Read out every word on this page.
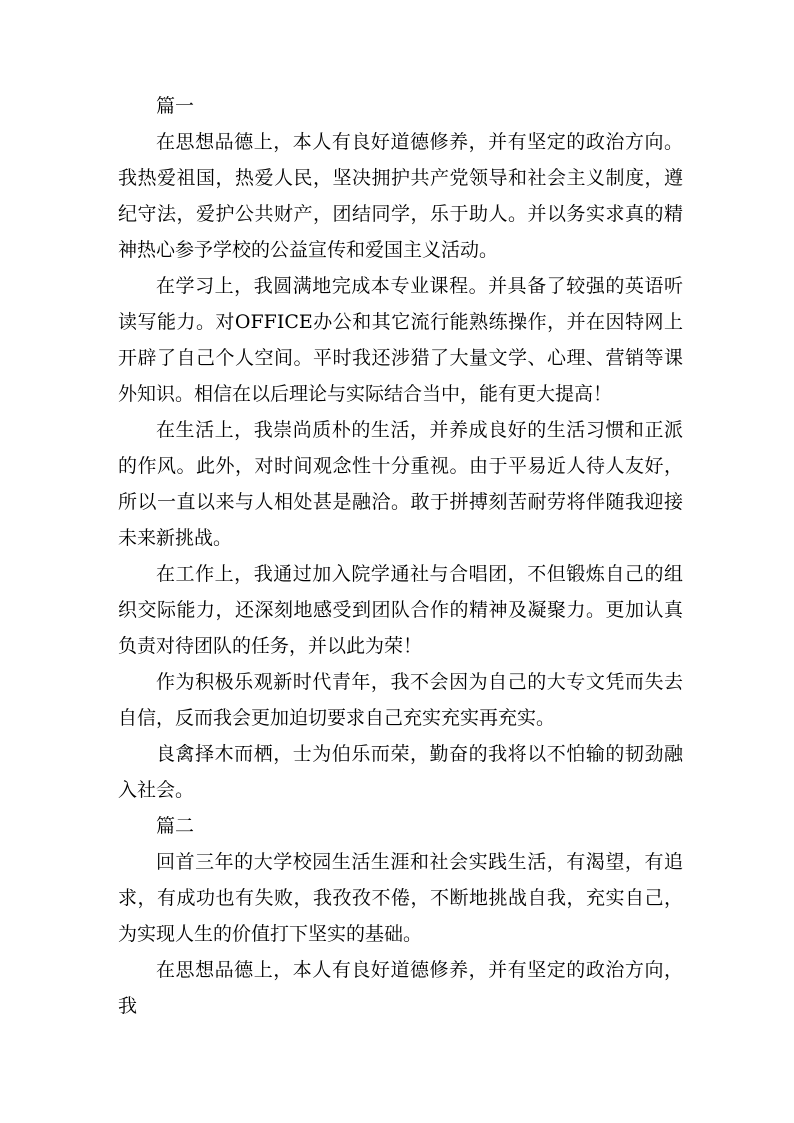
篇一

在思想品德上，本人有良好道德修养，并有坚定的政治方向。我热爱祖国，热爱人民，坚决拥护共产党领导和社会主义制度，遵纪守法，爱护公共财产，团结同学，乐于助人。并以务实求真的精神热心参予学校的公益宣传和爱国主义活动。

在学习上，我圆满地完成本专业课程。并具备了较强的英语听读写能力。对OFFICE办公和其它流行能熟练操作，并在因特网上开辟了自己个人空间。平时我还涉猎了大量文学、心理、营销等课外知识。相信在以后理论与实际结合当中，能有更大提高！

在生活上，我崇尚质朴的生活，并养成良好的生活习惯和正派的作风。此外，对时间观念性十分重视。由于平易近人待人友好，所以一直以来与人相处甚是融洽。敢于拼搏刻苦耐劳将伴随我迎接未来新挑战。

在工作上，我通过加入院学通社与合唱团，不但锻炼自己的组织交际能力，还深刻地感受到团队合作的精神及凝聚力。更加认真负责对待团队的任务，并以此为荣！

作为积极乐观新时代青年，我不会因为自己的大专文凭而失去自信，反而我会更加迫切要求自己充实充实再充实。

良禽择木而栖，士为伯乐而荣，勤奋的我将以不怕输的韧劲融入社会。

篇二

回首三年的大学校园生活生涯和社会实践生活，有渴望，有追求，有成功也有失败，我孜孜不倦，不断地挑战自我，充实自己，为实现人生的价值打下坚实的基础。

在思想品德上，本人有良好道德修养，并有坚定的政治方向，我
